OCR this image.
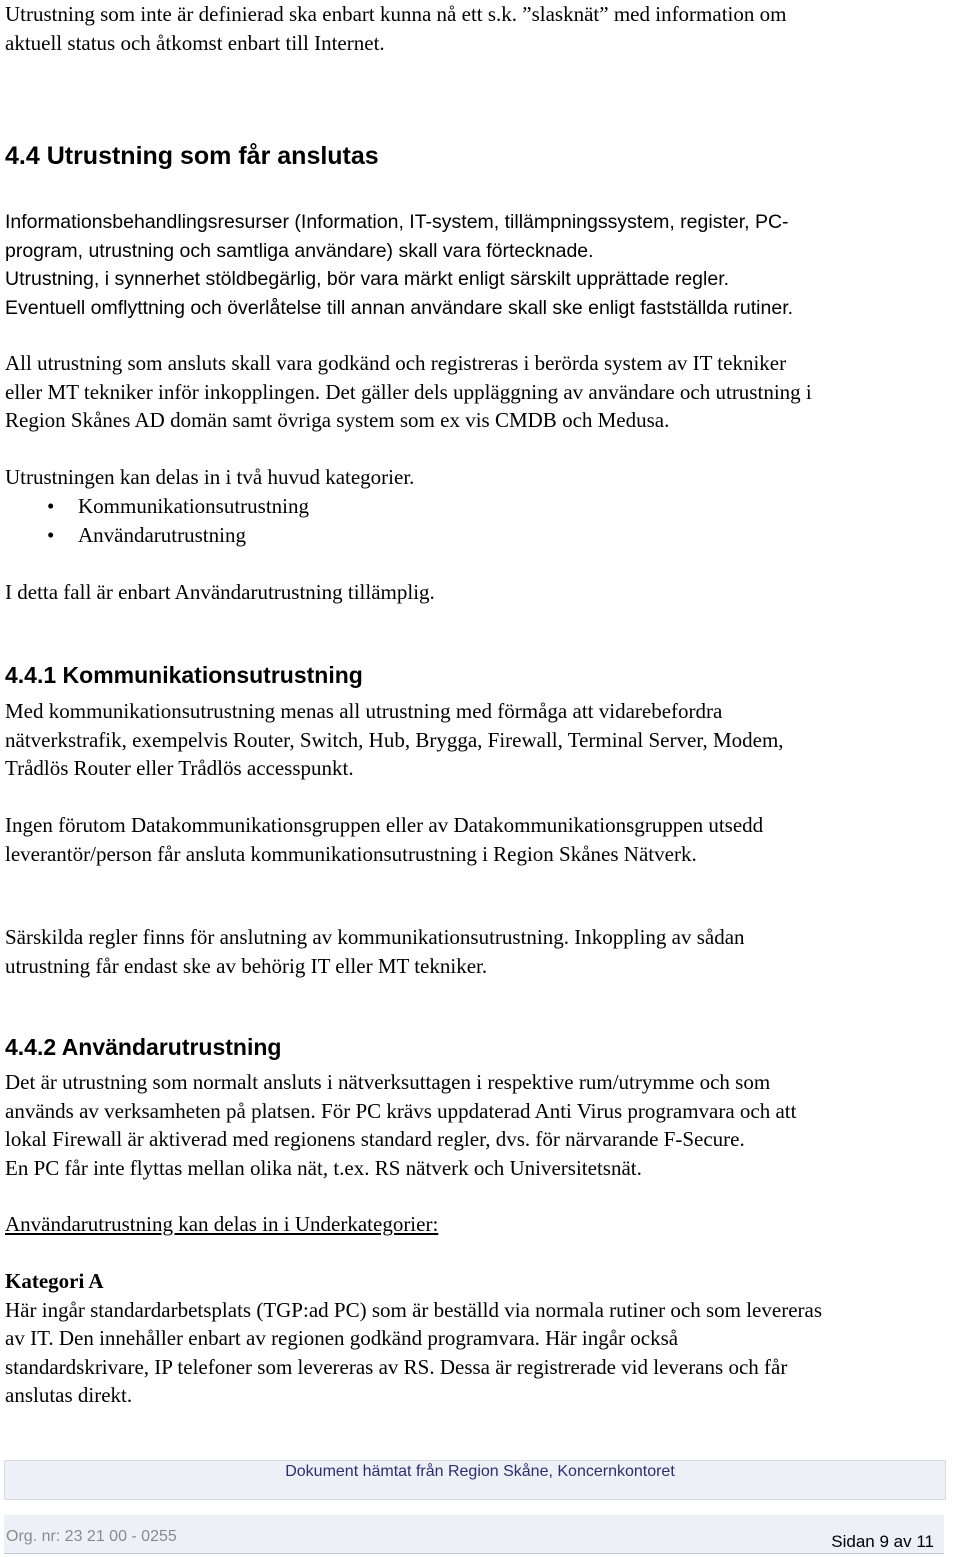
Utrustning som inte är definierad ska enbart kunna nå ett s.k. ”slasknät” med information om
aktuell status och åtkomst enbart till Internet.
4.4 Utrustning som får anslutas
Informationsbehandlingsresurser (Information, IT-system, tillämpningssystem, register, PC-
program, utrustning och samtliga användare) skall vara förtecknade.
Utrustning, i synnerhet stöldbegärlig, bör vara märkt enligt särskilt upprättade regler.
Eventuell omflyttning och överlåtelse till annan användare skall ske enligt fastställda rutiner.
All utrustning som ansluts skall vara godkänd och registreras i berörda system av IT tekniker
eller MT tekniker inför inkopplingen. Det gäller dels uppläggning av användare och utrustning i
Region Skånes AD domän samt övriga system som ex vis CMDB och Medusa.
Utrustningen kan delas in i två huvud kategorier.
• Kommunikationsutrustning
• Användarutrustning
I detta fall är enbart Användarutrustning tillämplig.
4.4.1 Kommunikationsutrustning
Med kommunikationsutrustning menas all utrustning med förmåga att vidarebefordra
nätverkstrafik, exempelvis Router, Switch, Hub, Brygga, Firewall, Terminal Server, Modem,
Trådlös Router eller Trådlös accesspunkt.
Ingen förutom Datakommunikationsgruppen eller av Datakommunikationsgruppen utsedd
leverantör/person får ansluta kommunikationsutrustning i Region Skånes Nätverk.
Särskilda regler finns för anslutning av kommunikationsutrustning. Inkoppling av sådan
utrustning får endast ske av behörig IT eller MT tekniker.
4.4.2 Användarutrustning
Det är utrustning som normalt ansluts i nätverksuttagen i respektive rum/utrymme och som
används av verksamheten på platsen. För PC krävs uppdaterad Anti Virus programvara och att
lokal Firewall är aktiverad med regionens standard regler, dvs. för närvarande F-Secure.
En PC får inte flyttas mellan olika nät, t.ex. RS nätverk och Universitetsnät.
Användarutrustning kan delas in i Underkategorier:
Kategori A
Här ingår standardarbetsplats (TGP:ad PC) som är beställd via normala rutiner och som levereras
av IT. Den innehåller enbart av regionen godkänd programvara. Här ingår också
standardskrivare, IP telefoner som levereras av RS. Dessa är registrerade vid leverans och får
anslutas direkt.
Dokument hämtat från Region Skåne, Koncernkontoret
Org. nr: 23 21 00 - 0255	Sidan 9 av 11
